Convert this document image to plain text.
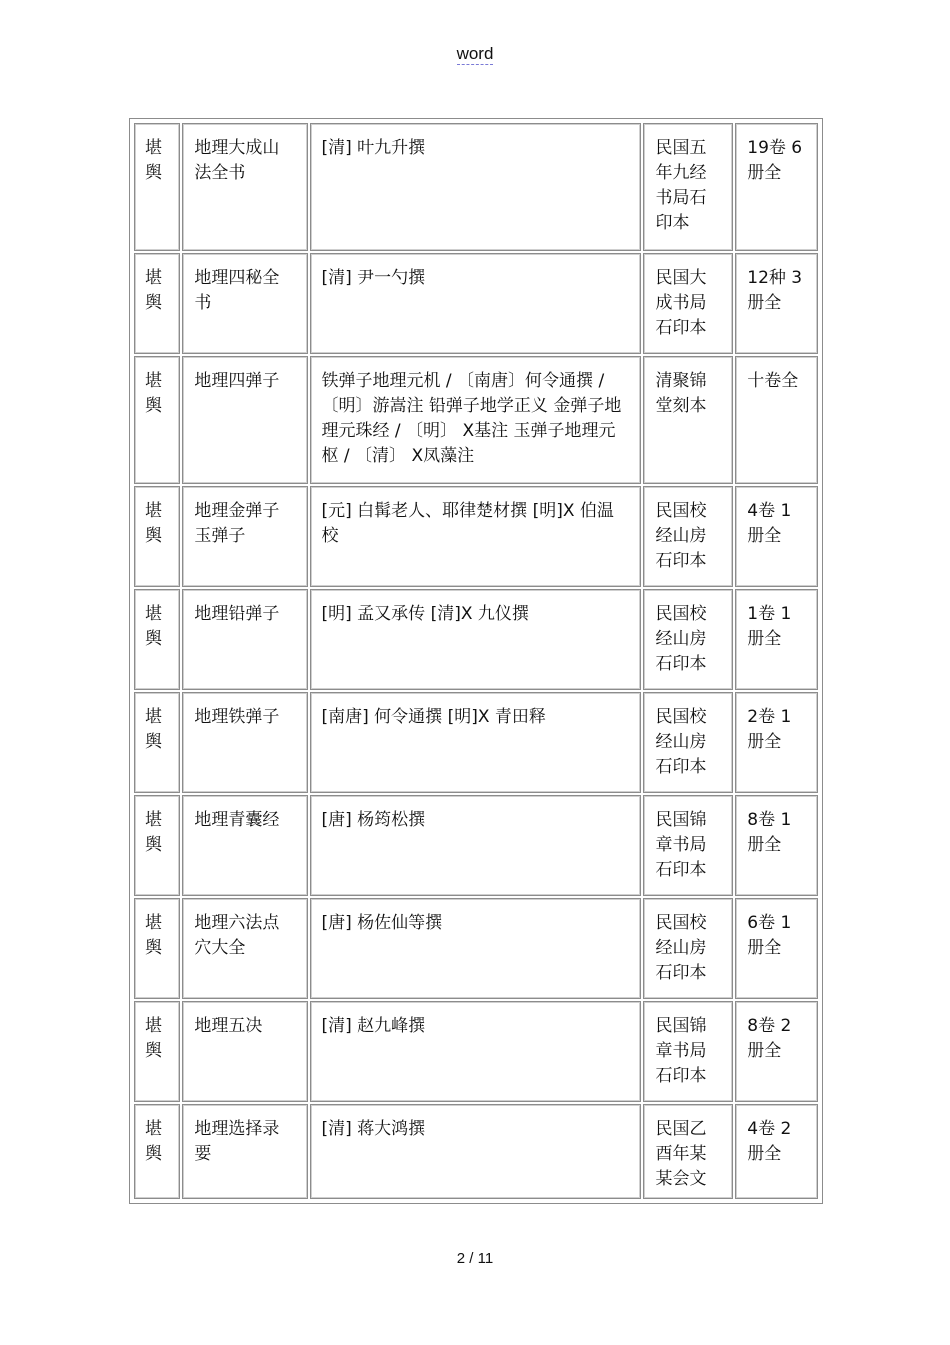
word
堪舆	地理大成山法全书	[清] 叶九升撰	民国五年九经书局石印本	19卷 6册全
堪舆	地理四秘全书	[清] 尹一勺撰	民国大成书局石印本	12种 3册全
堪舆	地理四弹子	铁弹子地理元机 / 〔南唐〕何令通撰 / 〔明〕游嵩注 铅弹子地学正义 金弹子地理元珠经 / 〔明〕 X基注 玉弹子地理元枢 / 〔清〕 X凤藻注	清聚锦堂刻本	十卷全
堪舆	地理金弹子玉弹子	[元] 白髯老人、耶律楚材撰 [明]X 伯温校	民国校经山房石印本	4卷 1册全
堪舆	地理铅弹子	[明] 孟又承传 [清]X 九仪撰	民国校经山房石印本	1卷 1册全
堪舆	地理铁弹子	[南唐] 何令通撰 [明]X 青田释	民国校经山房石印本	2卷 1册全
堪舆	地理青囊经	[唐] 杨筠松撰	民国锦章书局石印本	8卷 1册全
堪舆	地理六法点穴大全	[唐] 杨佐仙等撰	民国校经山房石印本	6卷 1册全
堪舆	地理五决	[清] 赵九峰撰	民国锦章书局石印本	8卷 2册全
堪舆	地理选择录要	[清] 蒋大鸿撰	民国乙酉年某某会文	4卷 2册全
2 / 11
